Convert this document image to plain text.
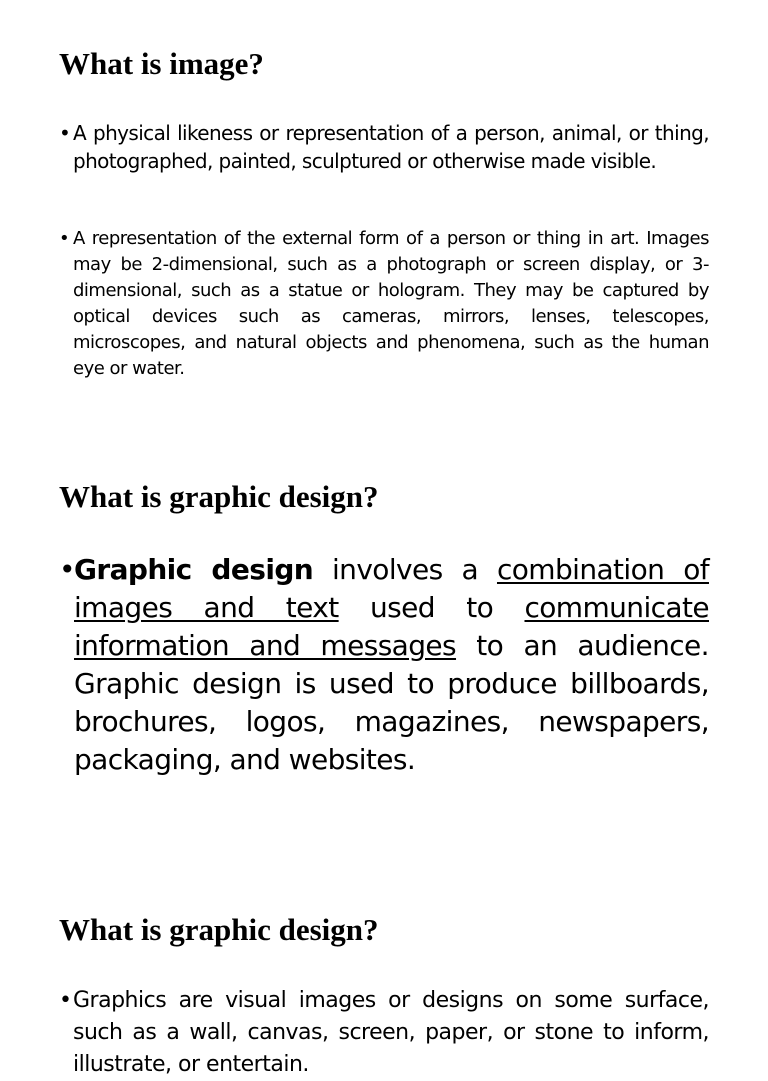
What is image?

• A physical likeness or representation of a person, animal, or thing, photographed, painted, sculptured or otherwise made visible.

• A representation of the external form of a person or thing in art. Images may be 2-dimensional, such as a photograph or screen display, or 3-dimensional, such as a statue or hologram. They may be captured by optical devices such as cameras, mirrors, lenses, telescopes, microscopes, and natural objects and phenomena, such as the human eye or water.

What is graphic design?

• Graphic design involves a combination of images and text used to communicate information and messages to an audience. Graphic design is used to produce billboards, brochures, logos, magazines, newspapers, packaging, and websites.

What is graphic design?

• Graphics are visual images or designs on some surface, such as a wall, canvas, screen, paper, or stone to inform, illustrate, or entertain.
